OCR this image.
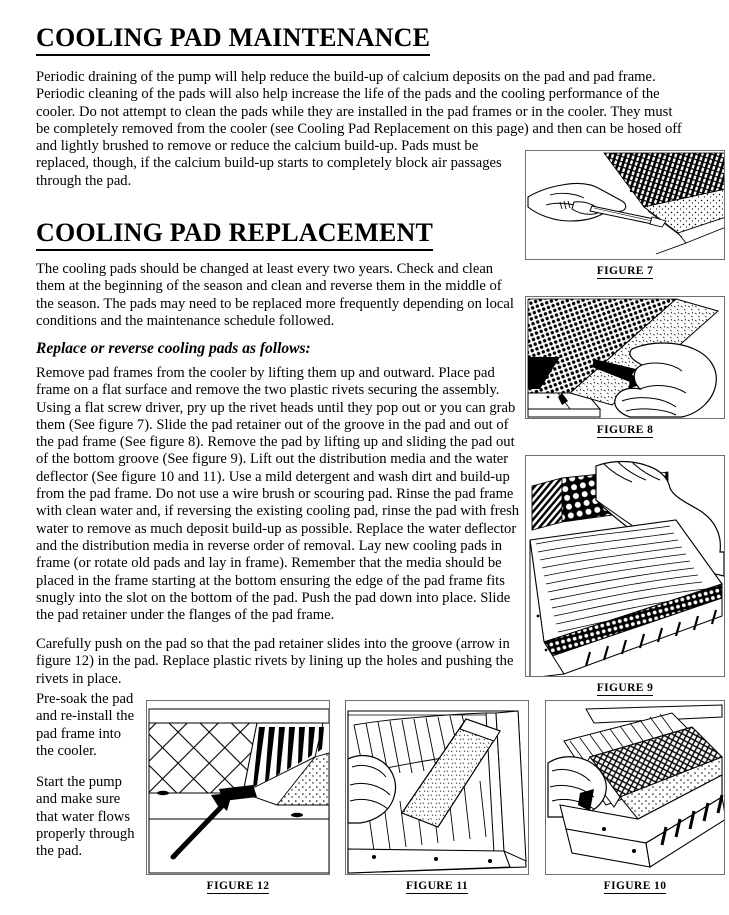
COOLING PAD MAINTENANCE
Periodic draining of the pump will help reduce the build-up of calcium deposits on the pad and pad frame.
Periodic cleaning of the pads will also help increase the life of the pads and the cooling performance of the
cooler. Do not attempt to clean the pads while they are installed in the pad frames or in the cooler. They must
be completely removed from the cooler (see Cooling Pad Replacement on this page) and then can be hosed off
and lightly brushed to remove or reduce the calcium build-up. Pads must be
replaced, though, if the calcium build-up starts to completely block air passages
through the pad.
COOLING PAD REPLACEMENT
The cooling pads should be changed at least every two years. Check and clean them at the beginning of the season and clean and reverse them in the middle of the season. The pads may need to be replaced more frequently depending on local conditions and the maintenance schedule followed.
Replace or reverse cooling pads as follows:
Remove pad frames from the cooler by lifting them up and outward. Place pad frame on a flat surface and remove the two plastic rivets securing the assembly. Using a flat screw driver, pry up the rivet heads until they pop out or you can grab them (See figure 7). Slide the pad retainer out of the groove in the pad and out of the pad frame (See figure 8). Remove the pad by lifting up and sliding the pad out of the bottom groove (See figure 9). Lift out the distribution media and the water deflector (See figure 10 and 11). Use a mild detergent and wash dirt and build-up from the pad frame. Do not use a wire brush or scouring pad. Rinse the pad frame with clean water and, if reversing the existing cooling pad, rinse the pad with fresh water to remove as much deposit build-up as possible. Replace the water deflector and the distribution media in reverse order of removal. Lay new cooling pads in frame (or rotate old pads and lay in frame). Remember that the media should be placed in the frame starting at the bottom ensuring the edge of the pad frame fits snugly into the slot on the bottom of the pad. Push the pad down into place. Slide the pad retainer under the flanges of the pad frame.
Carefully push on the pad so that the pad retainer slides into the groove (arrow in figure 12) in the pad. Replace plastic rivets by lining up the holes and pushing the rivets in place.

Pre-soak the pad and re-install the pad frame into the cooler.

Start the pump and make sure that water flows properly through the pad.

FIGURE 7
FIGURE 8
FIGURE 9
FIGURE 12	FIGURE 11	FIGURE 10
